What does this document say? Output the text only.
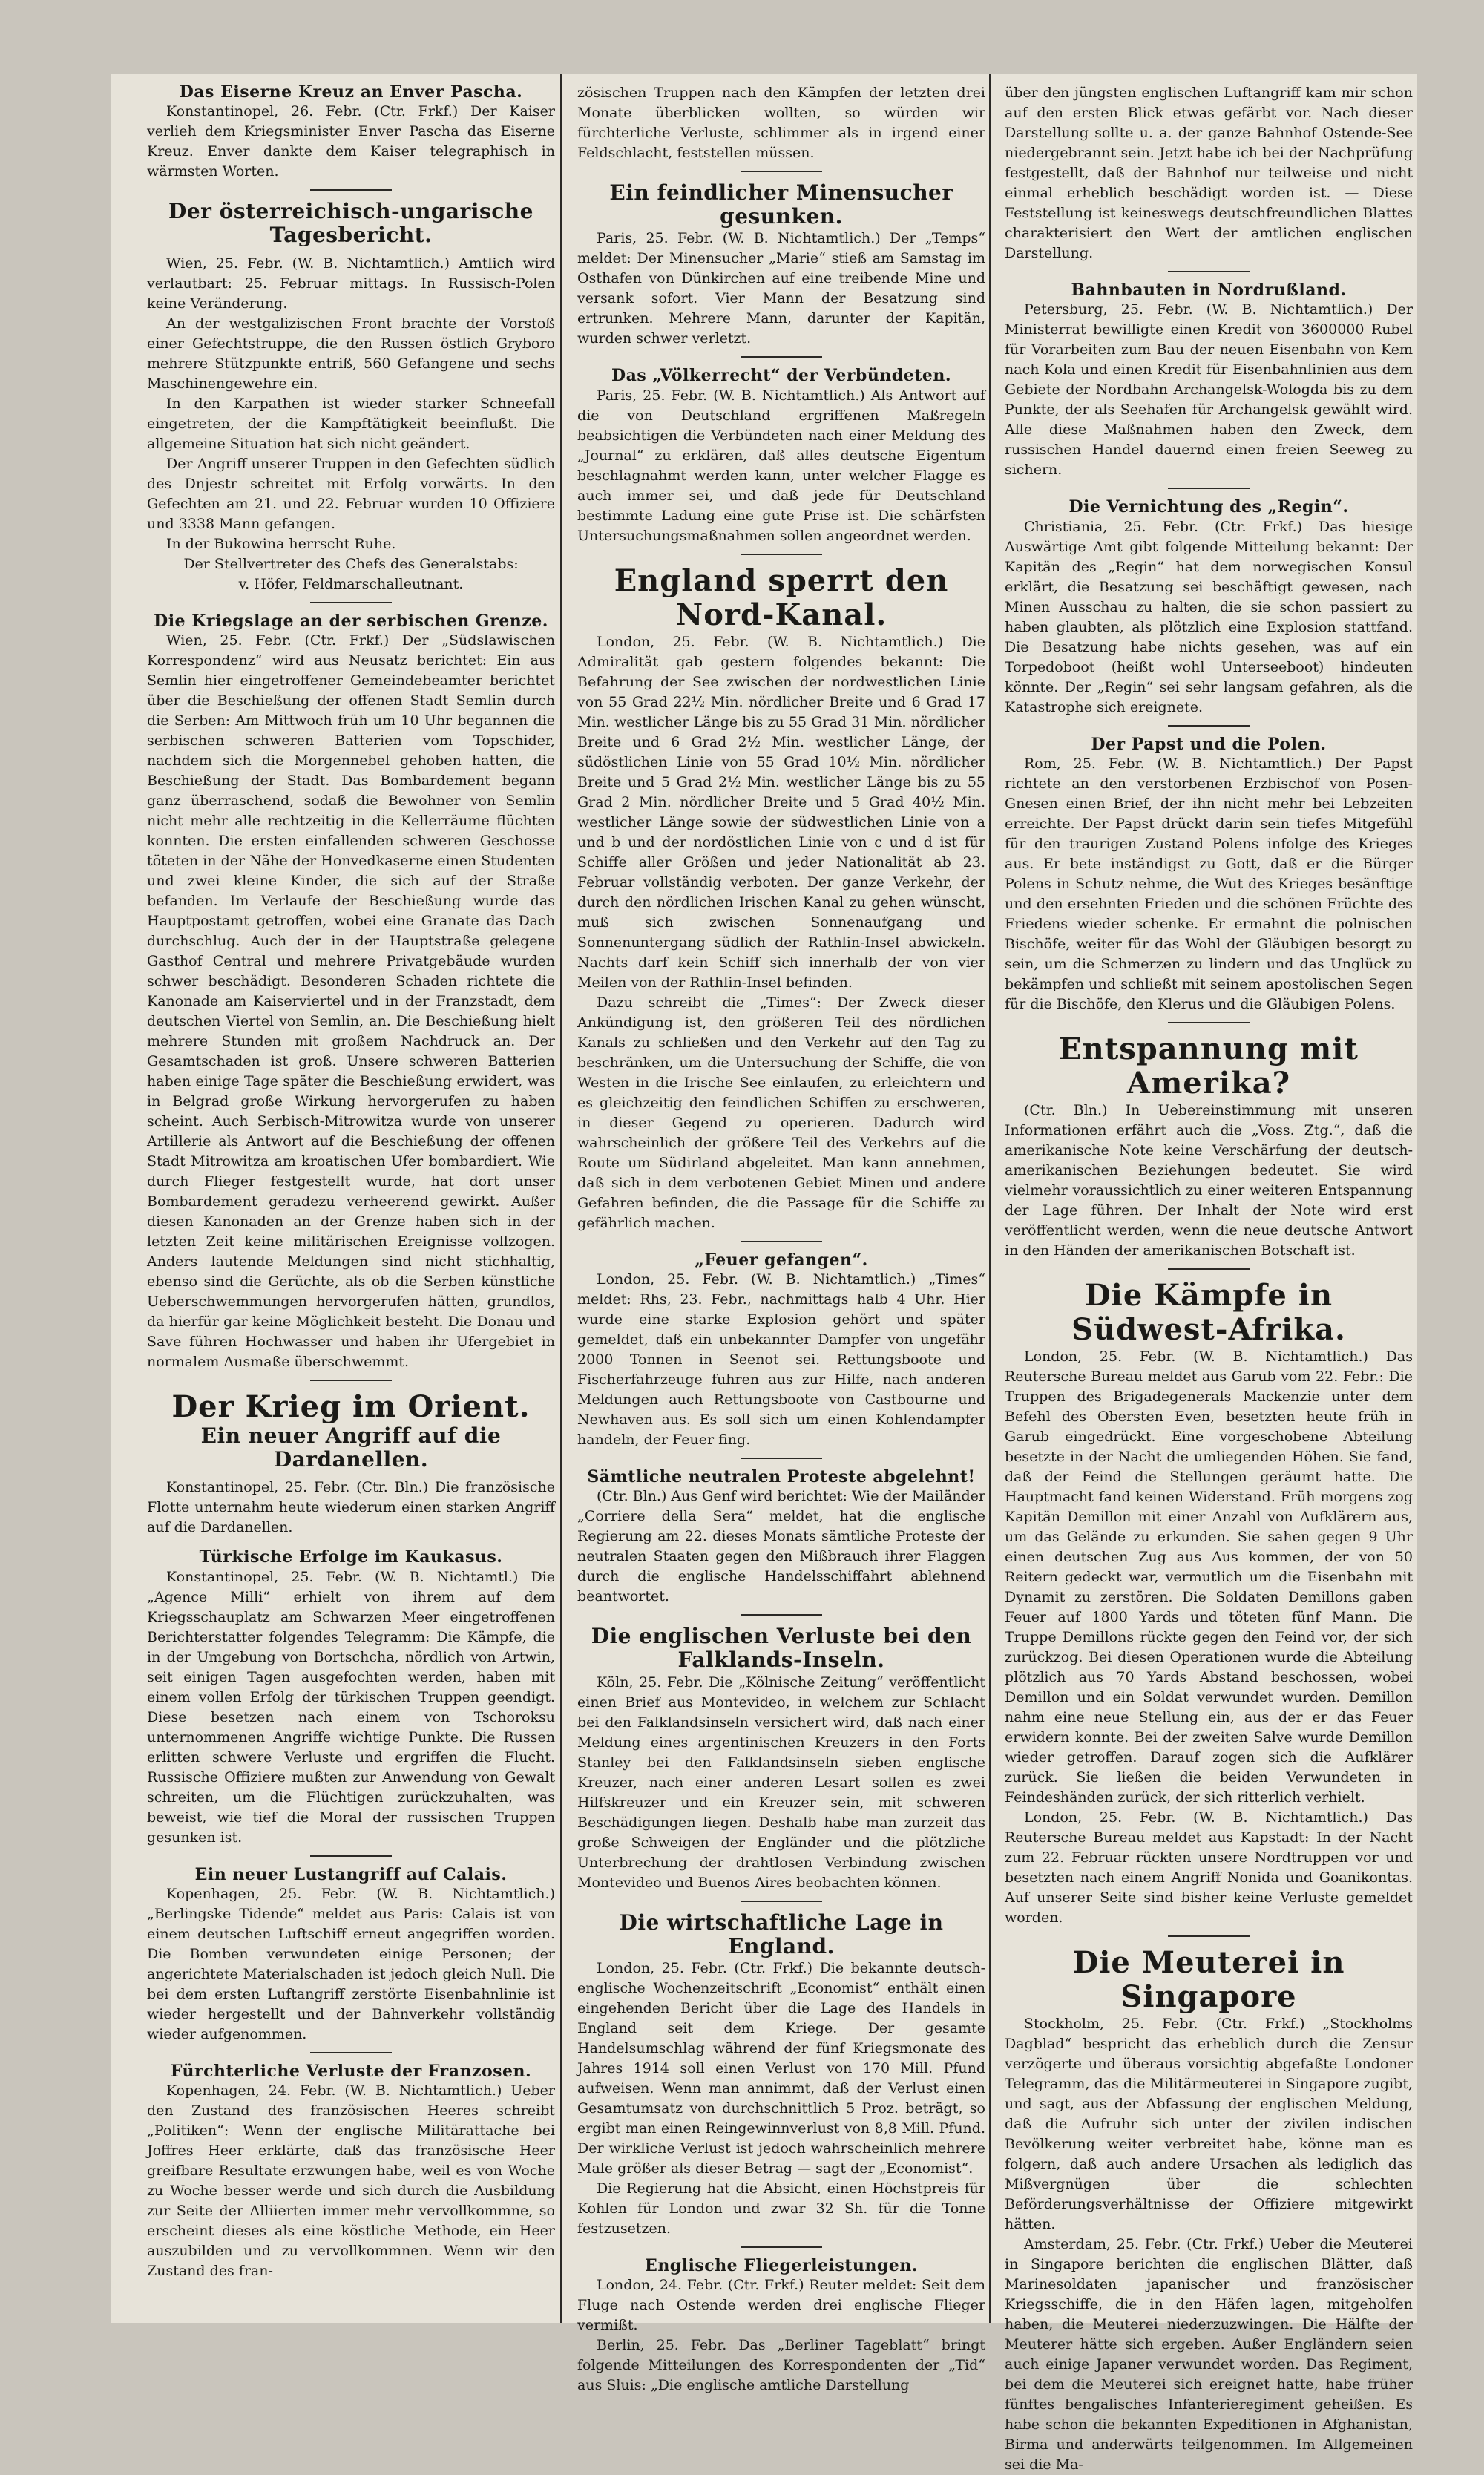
Das Eiserne Kreuz an Enver Pascha.

Konstantinopel, 26. Febr. (Ctr. Frkf.) Der Kaiser verlieh dem Kriegsminister Enver Pascha das Eiserne Kreuz. Enver dankte dem Kaiser telegraphisch in wärmsten Worten.

Der österreichisch-ungarische Tagesbericht.

Wien, 25. Febr. (W. B. Nichtamtlich.) Amtlich wird verlautbart: 25. Februar mittags. In Russisch-Polen keine Veränderung.

An der westgalizischen Front brachte der Vorstoß einer Gefechtstruppe, die den Russen östlich Gryboro mehrere Stützpunkte entriß, 560 Gefangene und sechs Maschinengewehre ein.

In den Karpathen ist wieder starker Schneefall eingetreten, der die Kampftätigkeit beeinflußt. Die allgemeine Situation hat sich nicht geändert.

Der Angriff unserer Truppen in den Gefechten südlich des Dnjestr schreitet mit Erfolg vorwärts. In den Gefechten am 21. und 22. Februar wurden 10 Offiziere und 3338 Mann gefangen.

In der Bukowina herrscht Ruhe.

Der Stellvertreter des Chefs des Generalstabs:

v. Höfer, Feldmarschalleutnant.

Die Kriegslage an der serbischen Grenze.

Wien, 25. Febr. (Ctr. Frkf.) Der „Südslawischen Korrespondenz“ wird aus Neusatz berichtet: Ein aus Semlin hier eingetroffener Gemeindebeamter berichtet über die Beschießung der offenen Stadt Semlin durch die Serben: Am Mittwoch früh um 10 Uhr begannen die serbischen schweren Batterien vom Topschider, nachdem sich die Morgennebel gehoben hatten, die Beschießung der Stadt. Das Bombardement begann ganz überraschend, sodaß die Bewohner von Semlin nicht mehr alle rechtzeitig in die Kellerräume flüchten konnten. Die ersten einfallenden schweren Geschosse töteten in der Nähe der Honvedkaserne einen Studenten und zwei kleine Kinder, die sich auf der Straße befanden. Im Verlaufe der Beschießung wurde das Hauptpostamt getroffen, wobei eine Granate das Dach durchschlug. Auch der in der Hauptstraße gelegene Gasthof Central und mehrere Privatgebäude wurden schwer beschädigt. Besonderen Schaden richtete die Kanonade am Kaiserviertel und in der Franzstadt, dem deutschen Viertel von Semlin, an. Die Beschießung hielt mehrere Stunden mit großem Nachdruck an. Der Gesamtschaden ist groß. Unsere schweren Batterien haben einige Tage später die Beschießung erwidert, was in Belgrad große Wirkung hervorgerufen zu haben scheint. Auch Serbisch-Mitrowitza wurde von unserer Artillerie als Antwort auf die Beschießung der offenen Stadt Mitrowitza am kroatischen Ufer bombardiert. Wie durch Flieger festgestellt wurde, hat dort unser Bombardement geradezu verheerend gewirkt. Außer diesen Kanonaden an der Grenze haben sich in der letzten Zeit keine militärischen Ereignisse vollzogen. Anders lautende Meldungen sind nicht stichhaltig, ebenso sind die Gerüchte, als ob die Serben künstliche Ueberschwemmungen hervorgerufen hätten, grundlos, da hierfür gar keine Möglichkeit besteht. Die Donau und Save führen Hochwasser und haben ihr Ufergebiet in normalem Ausmaße überschwemmt.

Der Krieg im Orient.

Ein neuer Angriff auf die Dardanellen.

Konstantinopel, 25. Febr. (Ctr. Bln.) Die französische Flotte unternahm heute wiederum einen starken Angriff auf die Dardanellen.

Türkische Erfolge im Kaukasus.

Konstantinopel, 25. Febr. (W. B. Nichtamtl.) Die „Agence Milli“ erhielt von ihrem auf dem Kriegsschauplatz am Schwarzen Meer eingetroffenen Berichterstatter folgendes Telegramm: Die Kämpfe, die in der Umgebung von Bortschcha, nördlich von Artwin, seit einigen Tagen ausgefochten werden, haben mit einem vollen Erfolg der türkischen Truppen geendigt. Diese besetzen nach einem von Tschoroksu unternommenen Angriffe wichtige Punkte. Die Russen erlitten schwere Verluste und ergriffen die Flucht. Russische Offiziere mußten zur Anwendung von Gewalt schreiten, um die Flüchtigen zurückzuhalten, was beweist, wie tief die Moral der russischen Truppen gesunken ist.

Ein neuer Lustangriff auf Calais.

Kopenhagen, 25. Febr. (W. B. Nichtamtlich.) „Berlingske Tidende“ meldet aus Paris: Calais ist von einem deutschen Luftschiff erneut angegriffen worden. Die Bomben verwundeten einige Personen; der angerichtete Materialschaden ist jedoch gleich Null. Die bei dem ersten Luftangriff zerstörte Eisenbahnlinie ist wieder hergestellt und der Bahnverkehr vollständig wieder aufgenommen.

Fürchterliche Verluste der Franzosen.

Kopenhagen, 24. Febr. (W. B. Nichtamtlich.) Ueber den Zustand des französischen Heeres schreibt „Politiken“: Wenn der englische Militärattache bei Joffres Heer erklärte, daß das französische Heer greifbare Resultate erzwungen habe, weil es von Woche zu Woche besser werde und sich durch die Ausbildung zur Seite der Alliierten immer mehr vervollkommne, so erscheint dieses als eine köstliche Methode, ein Heer auszubilden und zu vervollkommnen. Wenn wir den Zustand des fran-

zösischen Truppen nach den Kämpfen der letzten drei Monate überblicken wollten, so würden wir fürchterliche Verluste, schlimmer als in irgend einer Feldschlacht, feststellen müssen.

Ein feindlicher Minensucher gesunken.

Paris, 25. Febr. (W. B. Nichtamtlich.) Der „Temps“ meldet: Der Minensucher „Marie“ stieß am Samstag im Osthafen von Dünkirchen auf eine treibende Mine und versank sofort. Vier Mann der Besatzung sind ertrunken. Mehrere Mann, darunter der Kapitän, wurden schwer verletzt.

Das „Völkerrecht“ der Verbündeten.

Paris, 25. Febr. (W. B. Nichtamtlich.) Als Antwort auf die von Deutschland ergriffenen Maßregeln beabsichtigen die Verbündeten nach einer Meldung des „Journal“ zu erklären, daß alles deutsche Eigentum beschlagnahmt werden kann, unter welcher Flagge es auch immer sei, und daß jede für Deutschland bestimmte Ladung eine gute Prise ist. Die schärfsten Untersuchungsmaßnahmen sollen angeordnet werden.

England sperrt den Nord-Kanal.

London, 25. Febr. (W. B. Nichtamtlich.) Die Admiralität gab gestern folgendes bekannt: Die Befahrung der See zwischen der nordwestlichen Linie von 55 Grad 22½ Min. nördlicher Breite und 6 Grad 17 Min. westlicher Länge bis zu 55 Grad 31 Min. nördlicher Breite und 6 Grad 2½ Min. westlicher Länge, der südöstlichen Linie von 55 Grad 10½ Min. nördlicher Breite und 5 Grad 2½ Min. westlicher Länge bis zu 55 Grad 2 Min. nördlicher Breite und 5 Grad 40½ Min. westlicher Länge sowie der südwestlichen Linie von a und b und der nordöstlichen Linie von c und d ist für Schiffe aller Größen und jeder Nationalität ab 23. Februar vollständig verboten. Der ganze Verkehr, der durch den nördlichen Irischen Kanal zu gehen wünscht, muß sich zwischen Sonnenaufgang und Sonnenuntergang südlich der Rathlin-Insel abwickeln. Nachts darf kein Schiff sich innerhalb der von vier Meilen von der Rathlin-Insel befinden.

Dazu schreibt die „Times“: Der Zweck dieser Ankündigung ist, den größeren Teil des nördlichen Kanals zu schließen und den Verkehr auf den Tag zu beschränken, um die Untersuchung der Schiffe, die von Westen in die Irische See einlaufen, zu erleichtern und es gleichzeitig den feindlichen Schiffen zu erschweren, in dieser Gegend zu operieren. Dadurch wird wahrscheinlich der größere Teil des Verkehrs auf die Route um Südirland abgeleitet. Man kann annehmen, daß sich in dem verbotenen Gebiet Minen und andere Gefahren befinden, die die Passage für die Schiffe zu gefährlich machen.

„Feuer gefangen“.

London, 25. Febr. (W. B. Nichtamtlich.) „Times“ meldet: Rhs, 23. Febr., nachmittags halb 4 Uhr. Hier wurde eine starke Explosion gehört und später gemeldet, daß ein unbekannter Dampfer von ungefähr 2000 Tonnen in Seenot sei. Rettungsboote und Fischerfahrzeuge fuhren aus zur Hilfe, nach anderen Meldungen auch Rettungsboote von Castbourne und Newhaven aus. Es soll sich um einen Kohlendampfer handeln, der Feuer fing.

Sämtliche neutralen Proteste abgelehnt!

(Ctr. Bln.) Aus Genf wird berichtet: Wie der Mailänder „Corriere della Sera“ meldet, hat die englische Regierung am 22. dieses Monats sämtliche Proteste der neutralen Staaten gegen den Mißbrauch ihrer Flaggen durch die englische Handelsschiffahrt ablehnend beantwortet.

Die englischen Verluste bei den Falklands-Inseln.

Köln, 25. Febr. Die „Kölnische Zeitung“ veröffentlicht einen Brief aus Montevideo, in welchem zur Schlacht bei den Falklandsinseln versichert wird, daß nach einer Meldung eines argentinischen Kreuzers in den Forts Stanley bei den Falklandsinseln sieben englische Kreuzer, nach einer anderen Lesart sollen es zwei Hilfskreuzer und ein Kreuzer sein, mit schweren Beschädigungen liegen. Deshalb habe man zurzeit das große Schweigen der Engländer und die plötzliche Unterbrechung der drahtlosen Verbindung zwischen Montevideo und Buenos Aires beobachten können.

Die wirtschaftliche Lage in England.

London, 25. Febr. (Ctr. Frkf.) Die bekannte deutsch-englische Wochenzeitschrift „Economist“ enthält einen eingehenden Bericht über die Lage des Handels in England seit dem Kriege. Der gesamte Handelsumschlag während der fünf Kriegsmonate des Jahres 1914 soll einen Verlust von 170 Mill. Pfund aufweisen. Wenn man annimmt, daß der Verlust einen Gesamtumsatz von durchschnittlich 5 Proz. beträgt, so ergibt man einen Reingewinnverlust von 8,8 Mill. Pfund. Der wirkliche Verlust ist jedoch wahrscheinlich mehrere Male größer als dieser Betrag — sagt der „Economist“.

Die Regierung hat die Absicht, einen Höchstpreis für Kohlen für London und zwar 32 Sh. für die Tonne festzusetzen.

Englische Fliegerleistungen.

London, 24. Febr. (Ctr. Frkf.) Reuter meldet: Seit dem Fluge nach Ostende werden drei englische Flieger vermißt.

Berlin, 25. Febr. Das „Berliner Tageblatt“ bringt folgende Mitteilungen des Korrespondenten der „Tid“ aus Sluis: „Die englische amtliche Darstellung

über den jüngsten englischen Luftangriff kam mir schon auf den ersten Blick etwas gefärbt vor. Nach dieser Darstellung sollte u. a. der ganze Bahnhof Ostende-See niedergebrannt sein. Jetzt habe ich bei der Nachprüfung festgestellt, daß der Bahnhof nur teilweise und nicht einmal erheblich beschädigt worden ist. — Diese Feststellung ist keineswegs deutschfreundlichen Blattes charakterisiert den Wert der amtlichen englischen Darstellung.

Bahnbauten in Nordrußland.

Petersburg, 25. Febr. (W. B. Nichtamtlich.) Der Ministerrat bewilligte einen Kredit von 3600000 Rubel für Vorarbeiten zum Bau der neuen Eisenbahn von Kem nach Kola und einen Kredit für Eisenbahnlinien aus dem Gebiete der Nordbahn Archangelsk-Wologda bis zu dem Punkte, der als Seehafen für Archangelsk gewählt wird. Alle diese Maßnahmen haben den Zweck, dem russischen Handel dauernd einen freien Seeweg zu sichern.

Die Vernichtung des „Regin“.

Christiania, 25. Febr. (Ctr. Frkf.) Das hiesige Auswärtige Amt gibt folgende Mitteilung bekannt: Der Kapitän des „Regin“ hat dem norwegischen Konsul erklärt, die Besatzung sei beschäftigt gewesen, nach Minen Ausschau zu halten, die sie schon passiert zu haben glaubten, als plötzlich eine Explosion stattfand. Die Besatzung habe nichts gesehen, was auf ein Torpedoboot (heißt wohl Unterseeboot) hindeuten könnte. Der „Regin“ sei sehr langsam gefahren, als die Katastrophe sich ereignete.

Der Papst und die Polen.

Rom, 25. Febr. (W. B. Nichtamtlich.) Der Papst richtete an den verstorbenen Erzbischof von Posen-Gnesen einen Brief, der ihn nicht mehr bei Lebzeiten erreichte. Der Papst drückt darin sein tiefes Mitgefühl für den traurigen Zustand Polens infolge des Krieges aus. Er bete inständigst zu Gott, daß er die Bürger Polens in Schutz nehme, die Wut des Krieges besänftige und den ersehnten Frieden und die schönen Früchte des Friedens wieder schenke. Er ermahnt die polnischen Bischöfe, weiter für das Wohl der Gläubigen besorgt zu sein, um die Schmerzen zu lindern und das Unglück zu bekämpfen und schließt mit seinem apostolischen Segen für die Bischöfe, den Klerus und die Gläubigen Polens.

Entspannung mit Amerika?

(Ctr. Bln.) In Uebereinstimmung mit unseren Informationen erfährt auch die „Voss. Ztg.“, daß die amerikanische Note keine Verschärfung der deutsch-amerikanischen Beziehungen bedeutet. Sie wird vielmehr voraussichtlich zu einer weiteren Entspannung der Lage führen. Der Inhalt der Note wird erst veröffentlicht werden, wenn die neue deutsche Antwort in den Händen der amerikanischen Botschaft ist.

Die Kämpfe in Südwest-Afrika.

London, 25. Febr. (W. B. Nichtamtlich.) Das Reutersche Bureau meldet aus Garub vom 22. Febr.: Die Truppen des Brigadegenerals Mackenzie unter dem Befehl des Obersten Even, besetzten heute früh in Garub eingedrückt. Eine vorgeschobene Abteilung besetzte in der Nacht die umliegenden Höhen. Sie fand, daß der Feind die Stellungen geräumt hatte. Die Hauptmacht fand keinen Widerstand. Früh morgens zog Kapitän Demillon mit einer Anzahl von Aufklärern aus, um das Gelände zu erkunden. Sie sahen gegen 9 Uhr einen deutschen Zug aus Aus kommen, der von 50 Reitern gedeckt war, vermutlich um die Eisenbahn mit Dynamit zu zerstören. Die Soldaten Demillons gaben Feuer auf 1800 Yards und töteten fünf Mann. Die Truppe Demillons rückte gegen den Feind vor, der sich zurückzog. Bei diesen Operationen wurde die Abteilung plötzlich aus 70 Yards Abstand beschossen, wobei Demillon und ein Soldat verwundet wurden. Demillon nahm eine neue Stellung ein, aus der er das Feuer erwidern konnte. Bei der zweiten Salve wurde Demillon wieder getroffen. Darauf zogen sich die Aufklärer zurück. Sie ließen die beiden Verwundeten in Feindeshänden zurück, der sich ritterlich verhielt.

London, 25. Febr. (W. B. Nichtamtlich.) Das Reutersche Bureau meldet aus Kapstadt: In der Nacht zum 22. Februar rückten unsere Nordtruppen vor und besetzten nach einem Angriff Nonida und Goanikontas. Auf unserer Seite sind bisher keine Verluste gemeldet worden.

Die Meuterei in Singapore

Stockholm, 25. Febr. (Ctr. Frkf.) „Stockholms Dagblad“ bespricht das erheblich durch die Zensur verzögerte und überaus vorsichtig abgefaßte Londoner Telegramm, das die Militärmeuterei in Singapore zugibt, und sagt, aus der Abfassung der englischen Meldung, daß die Aufruhr sich unter der zivilen indischen Bevölkerung weiter verbreitet habe, könne man es folgern, daß auch andere Ursachen als lediglich das Mißvergnügen über die schlechten Beförderungsverhältnisse der Offiziere mitgewirkt hätten.

Amsterdam, 25. Febr. (Ctr. Frkf.) Ueber die Meuterei in Singapore berichten die englischen Blätter, daß Marinesoldaten japanischer und französischer Kriegsschiffe, die in den Häfen lagen, mitgeholfen haben, die Meuterei niederzuzwingen. Die Hälfte der Meuterer hätte sich ergeben. Außer Engländern seien auch einige Japaner verwundet worden. Das Regiment, bei dem die Meuterei sich ereignet hatte, habe früher fünftes bengalisches Infanterieregiment geheißen. Es habe schon die bekannten Expeditionen in Afghanistan, Birma und anderwärts teilgenommen. Im Allgemeinen sei die Ma-
